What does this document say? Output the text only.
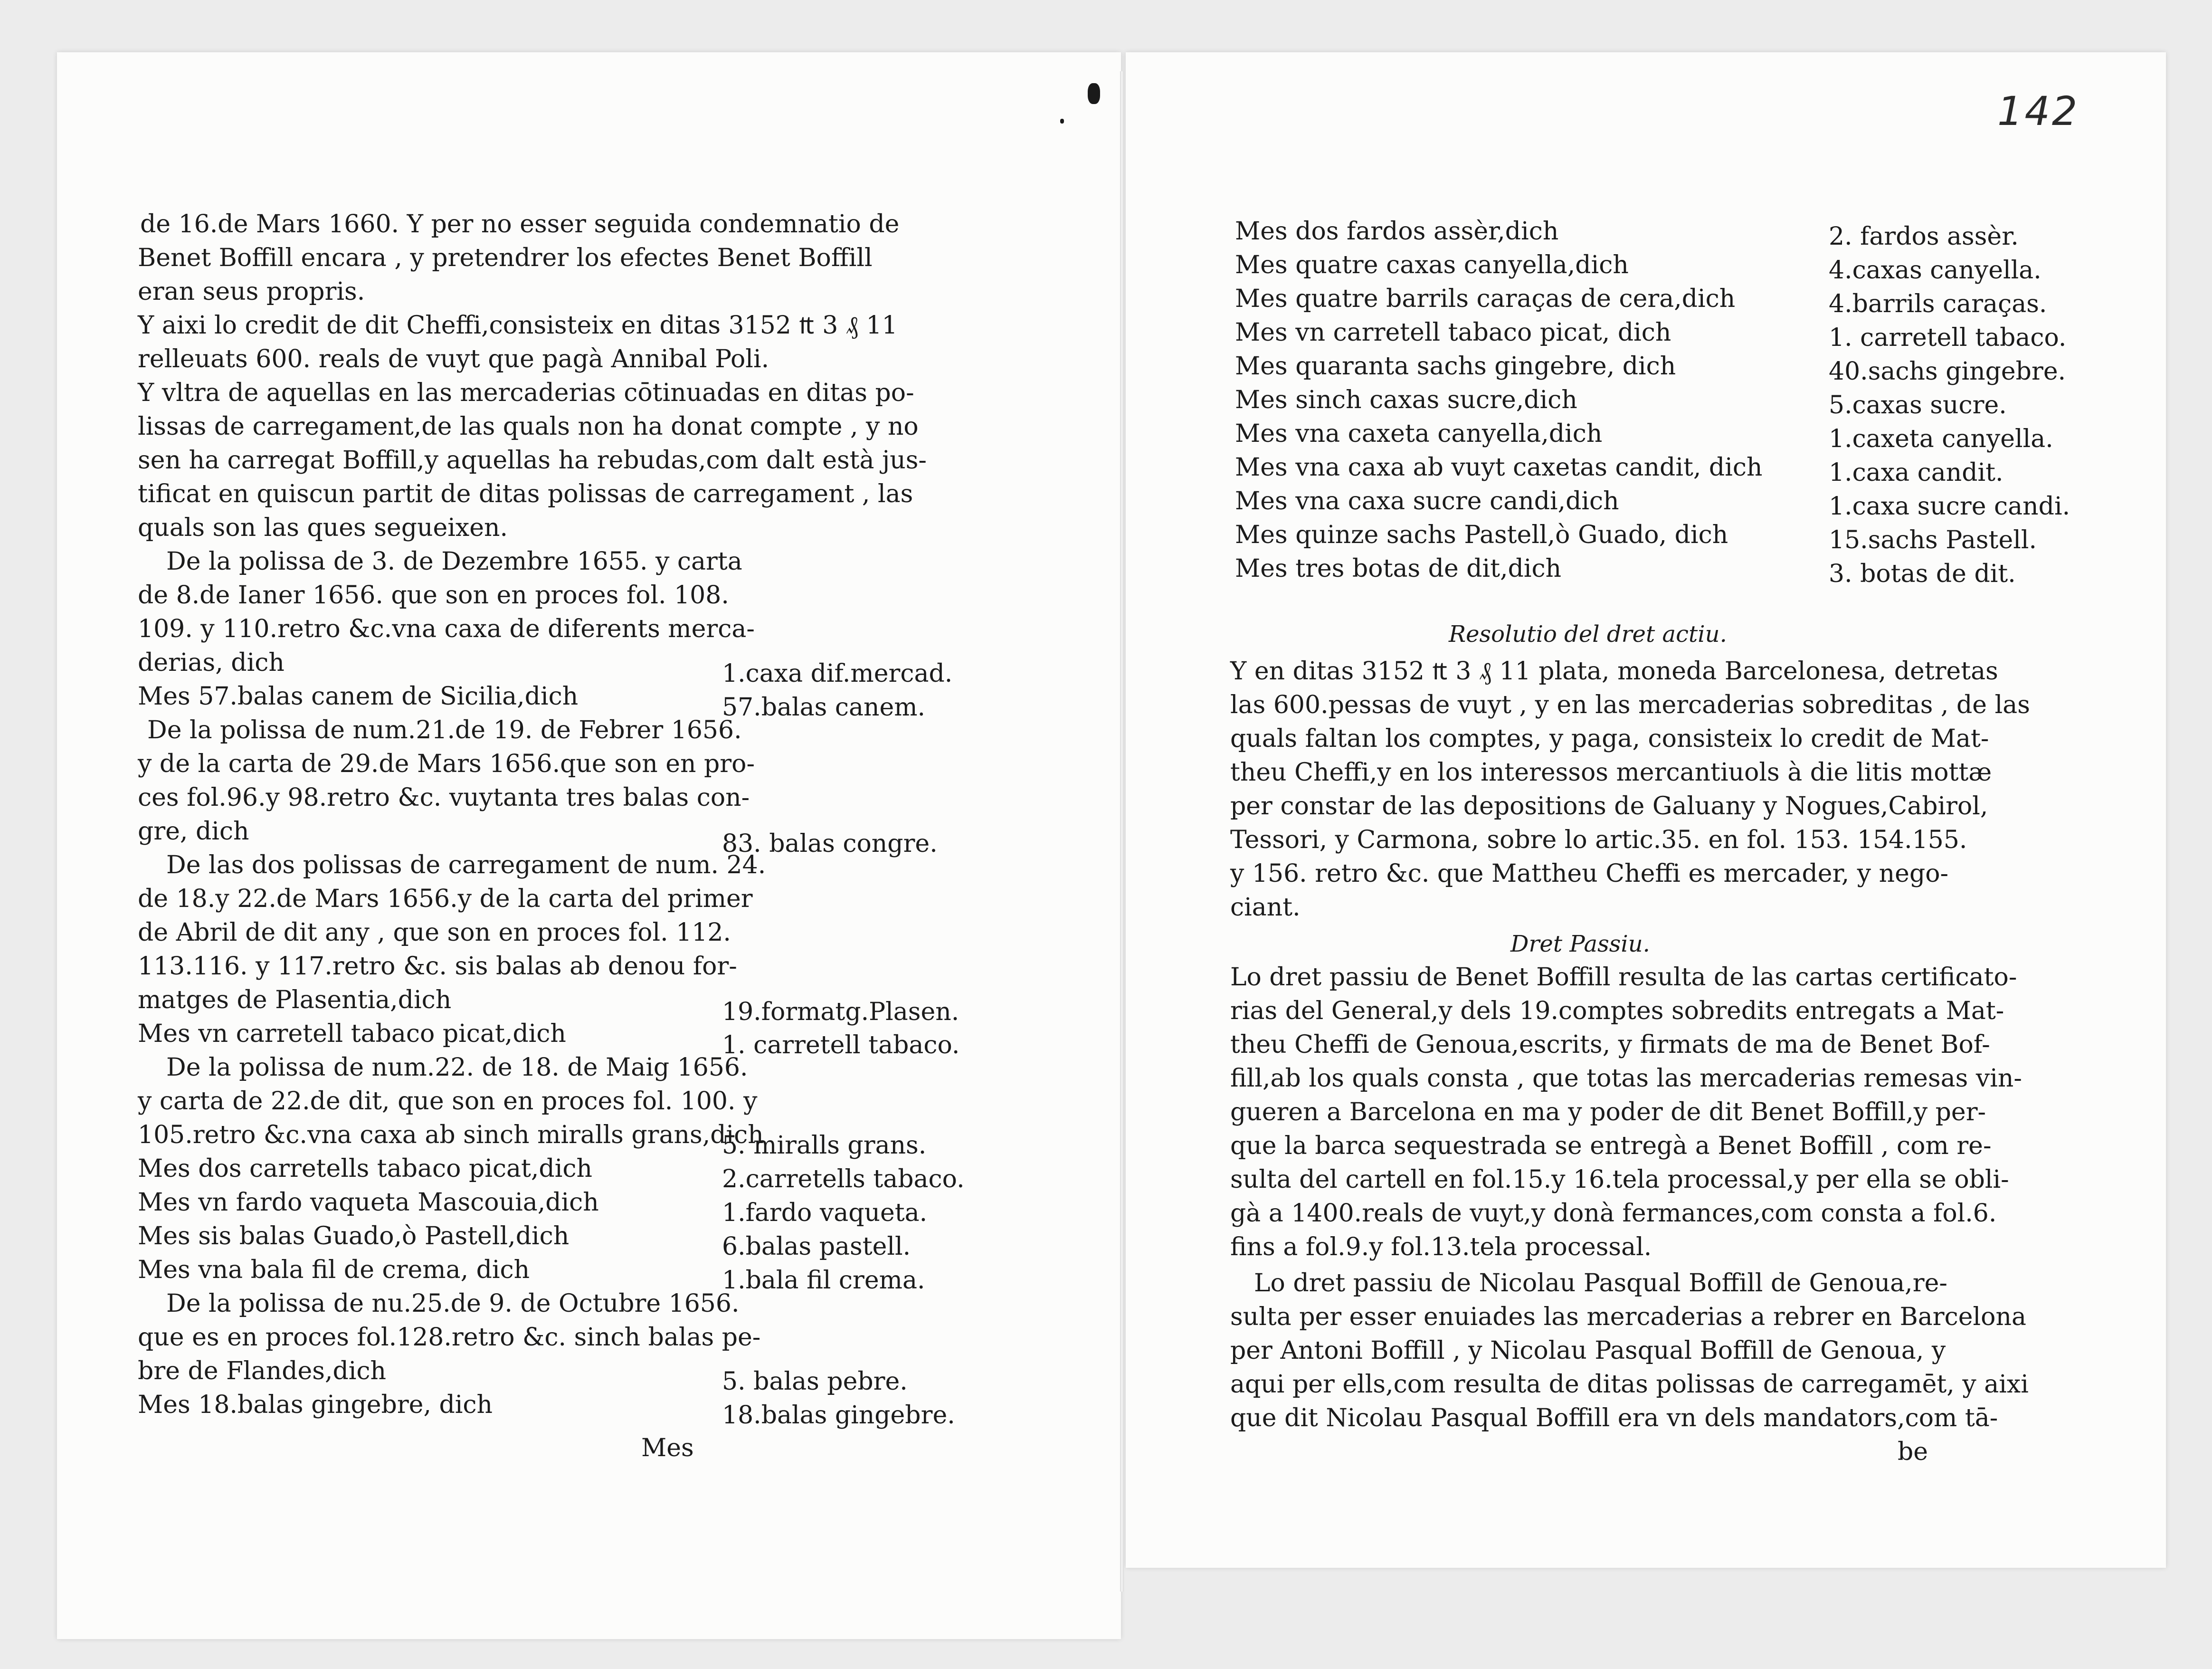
142
de 16.de Mars 1660. Y per no esser seguida condemnatio de
Benet Boffill encara , y pretendrer los efectes Benet Boffill
eran seus propris.
Y aixi lo credit de dit Cheffi,consisteix en ditas 3152 ₶ 3 ₰ 11
relleuats 600. reals de vuyt que pagà Annibal Poli.
Y vltra de aquellas en las mercaderias cōtinuadas en ditas po-
lissas de carregament,de las quals non ha donat compte , y no
sen ha carregat Boffill,y aquellas ha rebudas,com dalt està jus-
tificat en quiscun partit de ditas polissas de carregament , las
quals son las ques segueixen.
De la polissa de 3. de Dezembre 1655. y carta
de 8.de Ianer 1656. que son en proces fol. 108.
109. y 110.retro &c.vna caxa de diferents merca-
derias, dich
Mes 57.balas canem de Sicilia,dich
De la polissa de num.21.de 19. de Febrer 1656.
y de la carta de 29.de Mars 1656.que son en pro-
ces fol.96.y 98.retro &c. vuytanta tres balas con-
gre, dich
De las dos polissas de carregament de num. 24.
de 18.y 22.de Mars 1656.y de la carta del primer
de Abril de dit any , que son en proces fol. 112.
113.116. y 117.retro &c. sis balas ab denou for-
matges de Plasentia,dich
Mes vn carretell tabaco picat,dich
De la polissa de num.22. de 18. de Maig 1656.
y carta de 22.de dit, que son en proces fol. 100. y
105.retro &c.vna caxa ab sinch miralls grans,dich
Mes dos carretells tabaco picat,dich
Mes vn fardo vaqueta Mascouia,dich
Mes sis balas Guado,ò Pastell,dich
Mes vna bala fil de crema, dich
De la polissa de nu.25.de 9. de Octubre 1656.
que es en proces fol.128.retro &c. sinch balas pe-
bre de Flandes,dich
Mes 18.balas gingebre, dich
1.caxa dif.mercad.
57.balas canem.
83. balas congre.
19.formatg.Plasen.
1. carretell tabaco.
5. miralls grans.
2.carretells tabaco.
1.fardo vaqueta.
6.balas pastell.
1.bala fil crema.
5. balas pebre.
18.balas gingebre.
Mes
Mes dos fardos assèr,dich
Mes quatre caxas canyella,dich
Mes quatre barrils caraças de cera,dich
Mes vn carretell tabaco picat, dich
Mes quaranta sachs gingebre, dich
Mes sinch caxas sucre,dich
Mes vna caxeta canyella,dich
Mes vna caxa ab vuyt caxetas candit, dich
Mes vna caxa sucre candi,dich
Mes quinze sachs Pastell,ò Guado, dich
Mes tres botas de dit,dich
2. fardos assèr.
4.caxas canyella.
4.barrils caraças.
1. carretell tabaco.
40.sachs gingebre.
5.caxas sucre.
1.caxeta canyella.
1.caxa candit.
1.caxa sucre candi.
15.sachs Pastell.
3. botas de dit.
Resolutio del dret actiu.
Y en ditas 3152 ₶ 3 ₰ 11 plata, moneda Barcelonesa, detretas
las 600.pessas de vuyt , y en las mercaderias sobreditas , de las
quals faltan los comptes, y paga, consisteix lo credit de Mat-
theu Cheffi,y en los interessos mercantiuols à die litis mottæ
per constar de las depositions de Galuany y Nogues,Cabirol,
Tessori, y Carmona, sobre lo artic.35. en fol. 153. 154.155.
y 156. retro &c. que Mattheu Cheffi es mercader, y nego-
ciant.
Dret Passiu.
Lo dret passiu de Benet Boffill resulta de las cartas certificato-
rias del General,y dels 19.comptes sobredits entregats a Mat-
theu Cheffi de Genoua,escrits, y firmats de ma de Benet Bof-
fill,ab los quals consta , que totas las mercaderias remesas vin-
gueren a Barcelona en ma y poder de dit Benet Boffill,y per-
que la barca sequestrada se entregà a Benet Boffill , com re-
sulta del cartell en fol.15.y 16.tela processal,y per ella se obli-
gà a 1400.reals de vuyt,y donà fermances,com consta a fol.6.
fins a fol.9.y fol.13.tela processal.
Lo dret passiu de Nicolau Pasqual Boffill de Genoua,re-
sulta per esser enuiades las mercaderias a rebrer en Barcelona
per Antoni Boffill , y Nicolau Pasqual Boffill de Genoua, y
aqui per ells,com resulta de ditas polissas de carregamēt, y aixi
que dit Nicolau Pasqual Boffill era vn dels mandators,com tā-
be
